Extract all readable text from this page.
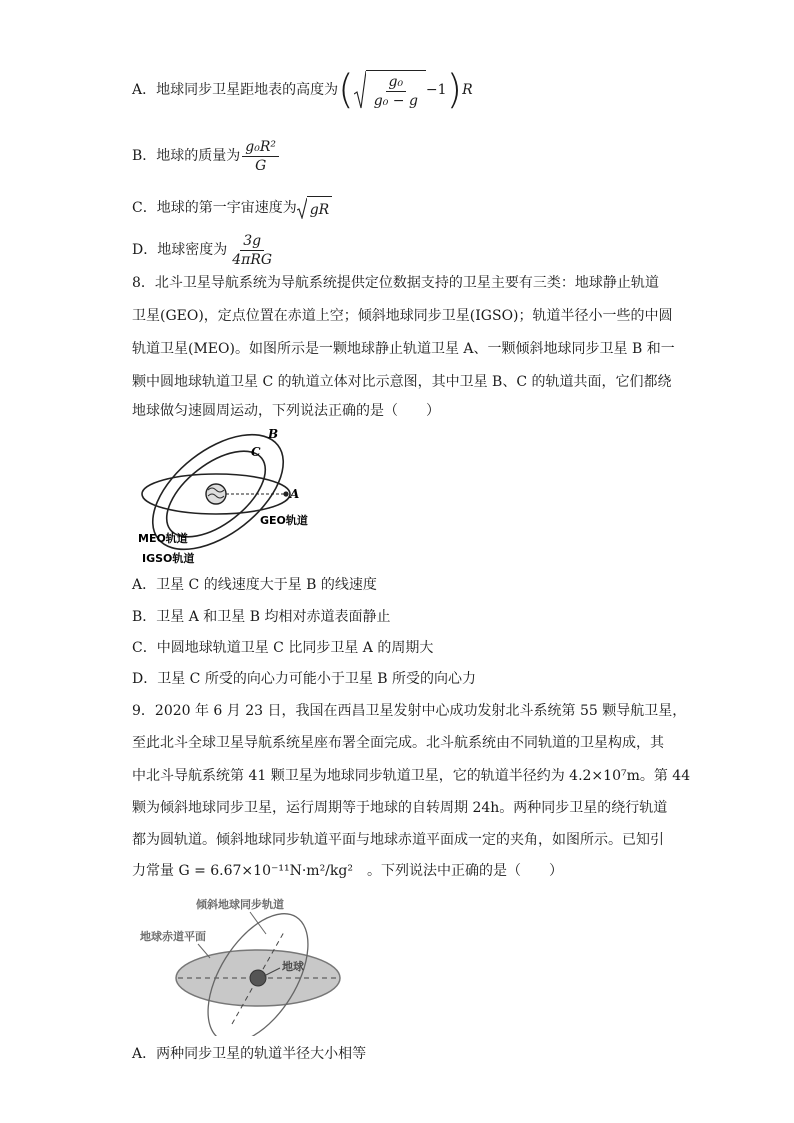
A．地球同步卫星距地表的高度为 ( $\frac{\text{g₀}}{\text{g₀ − g}} -1$ ) R
B．地球的质量为 $\frac{\text{g₀R²}}{G}$
C．地球的第一宇宙速度为 gR
D．地球密度为 $\frac{3g}{\text{4πRG}}$
8．北斗卫星导航系统为导航系统提供定位数据支持的卫星主要有三类：地球静止轨道
卫星(GEO)，定点位置在赤道上空；倾斜地球同步卫星(IGSO)；轨道半径小一些的中圆
轨道卫星(MEO)。如图所示是一颗地球静止轨道卫星 A、一颗倾斜地球同步卫星 B 和一
颗中圆地球轨道卫星 C 的轨道立体对比示意图，其中卫星 B、C 的轨道共面，它们都绕
地球做匀速圆周运动，下列说法正确的是（　　）
A
B
C
GEO轨道
MEO轨道
IGSO轨道
A．卫星 C 的线速度大于星 B 的线速度
B．卫星 A 和卫星 B 均相对赤道表面静止
C．中圆地球轨道卫星 C 比同步卫星 A 的周期大
D．卫星 C 所受的向心力可能小于卫星 B 所受的向心力
9．2020 年 6 月 23 日，我国在西昌卫星发射中心成功发射北斗系统第 55 颗导航卫星，
至此北斗全球卫星导航系统星座布署全面完成。北斗航系统由不同轨道的卫星构成，其
中北斗导航系统第 41 颗卫星为地球同步轨道卫星，它的轨道半径约为 4.2×10⁷m。第 44
颗为倾斜地球同步卫星，运行周期等于地球的自转周期 24h。两种同步卫星的绕行轨道
都为圆轨道。倾斜地球同步轨道平面与地球赤道平面成一定的夹角，如图所示。已知引
力常量 G = 6.67×10⁻¹¹N·m²/kg²　。下列说法中正确的是（　　）
倾斜地球同步轨道
地球赤道平面
地球
A．两种同步卫星的轨道半径大小相等
